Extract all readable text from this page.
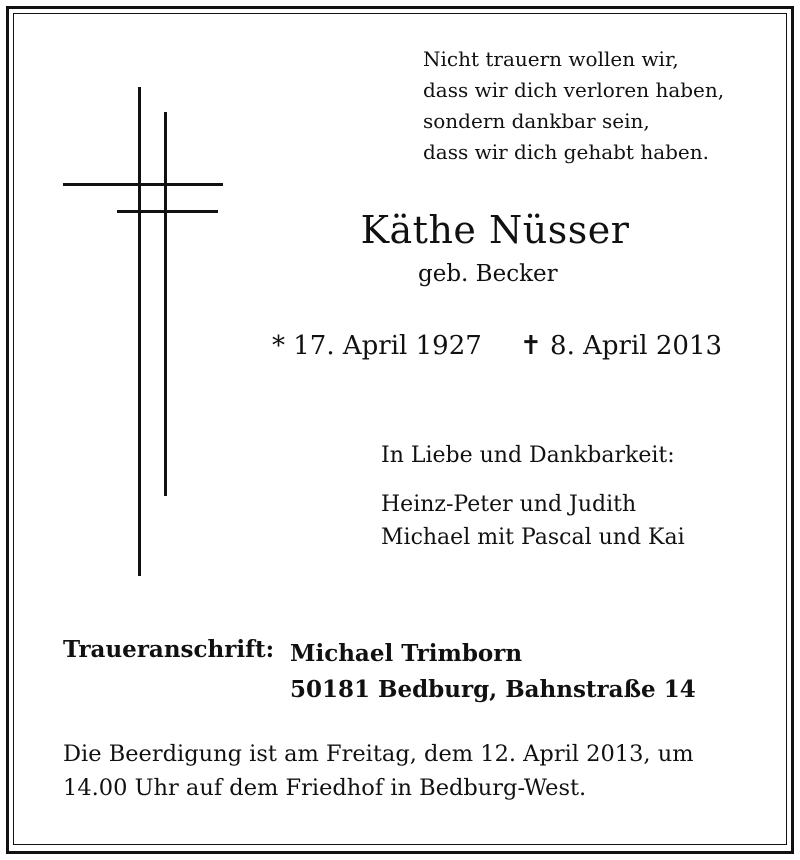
Nicht trauern wollen wir,
dass wir dich verloren haben,
sondern dankbar sein,
dass wir dich gehabt haben.
Käthe Nüsser
geb. Becker
* 17. April 1927 ✝ 8. April 2013
In Liebe und Dankbarkeit:
Heinz-Peter und Judith
Michael mit Pascal und Kai
Traueranschrift: Michael Trimborn
50181 Bedburg, Bahnstraße 14
Die Beerdigung ist am Freitag, dem 12. April 2013, um
14.00 Uhr auf dem Friedhof in Bedburg-West.
